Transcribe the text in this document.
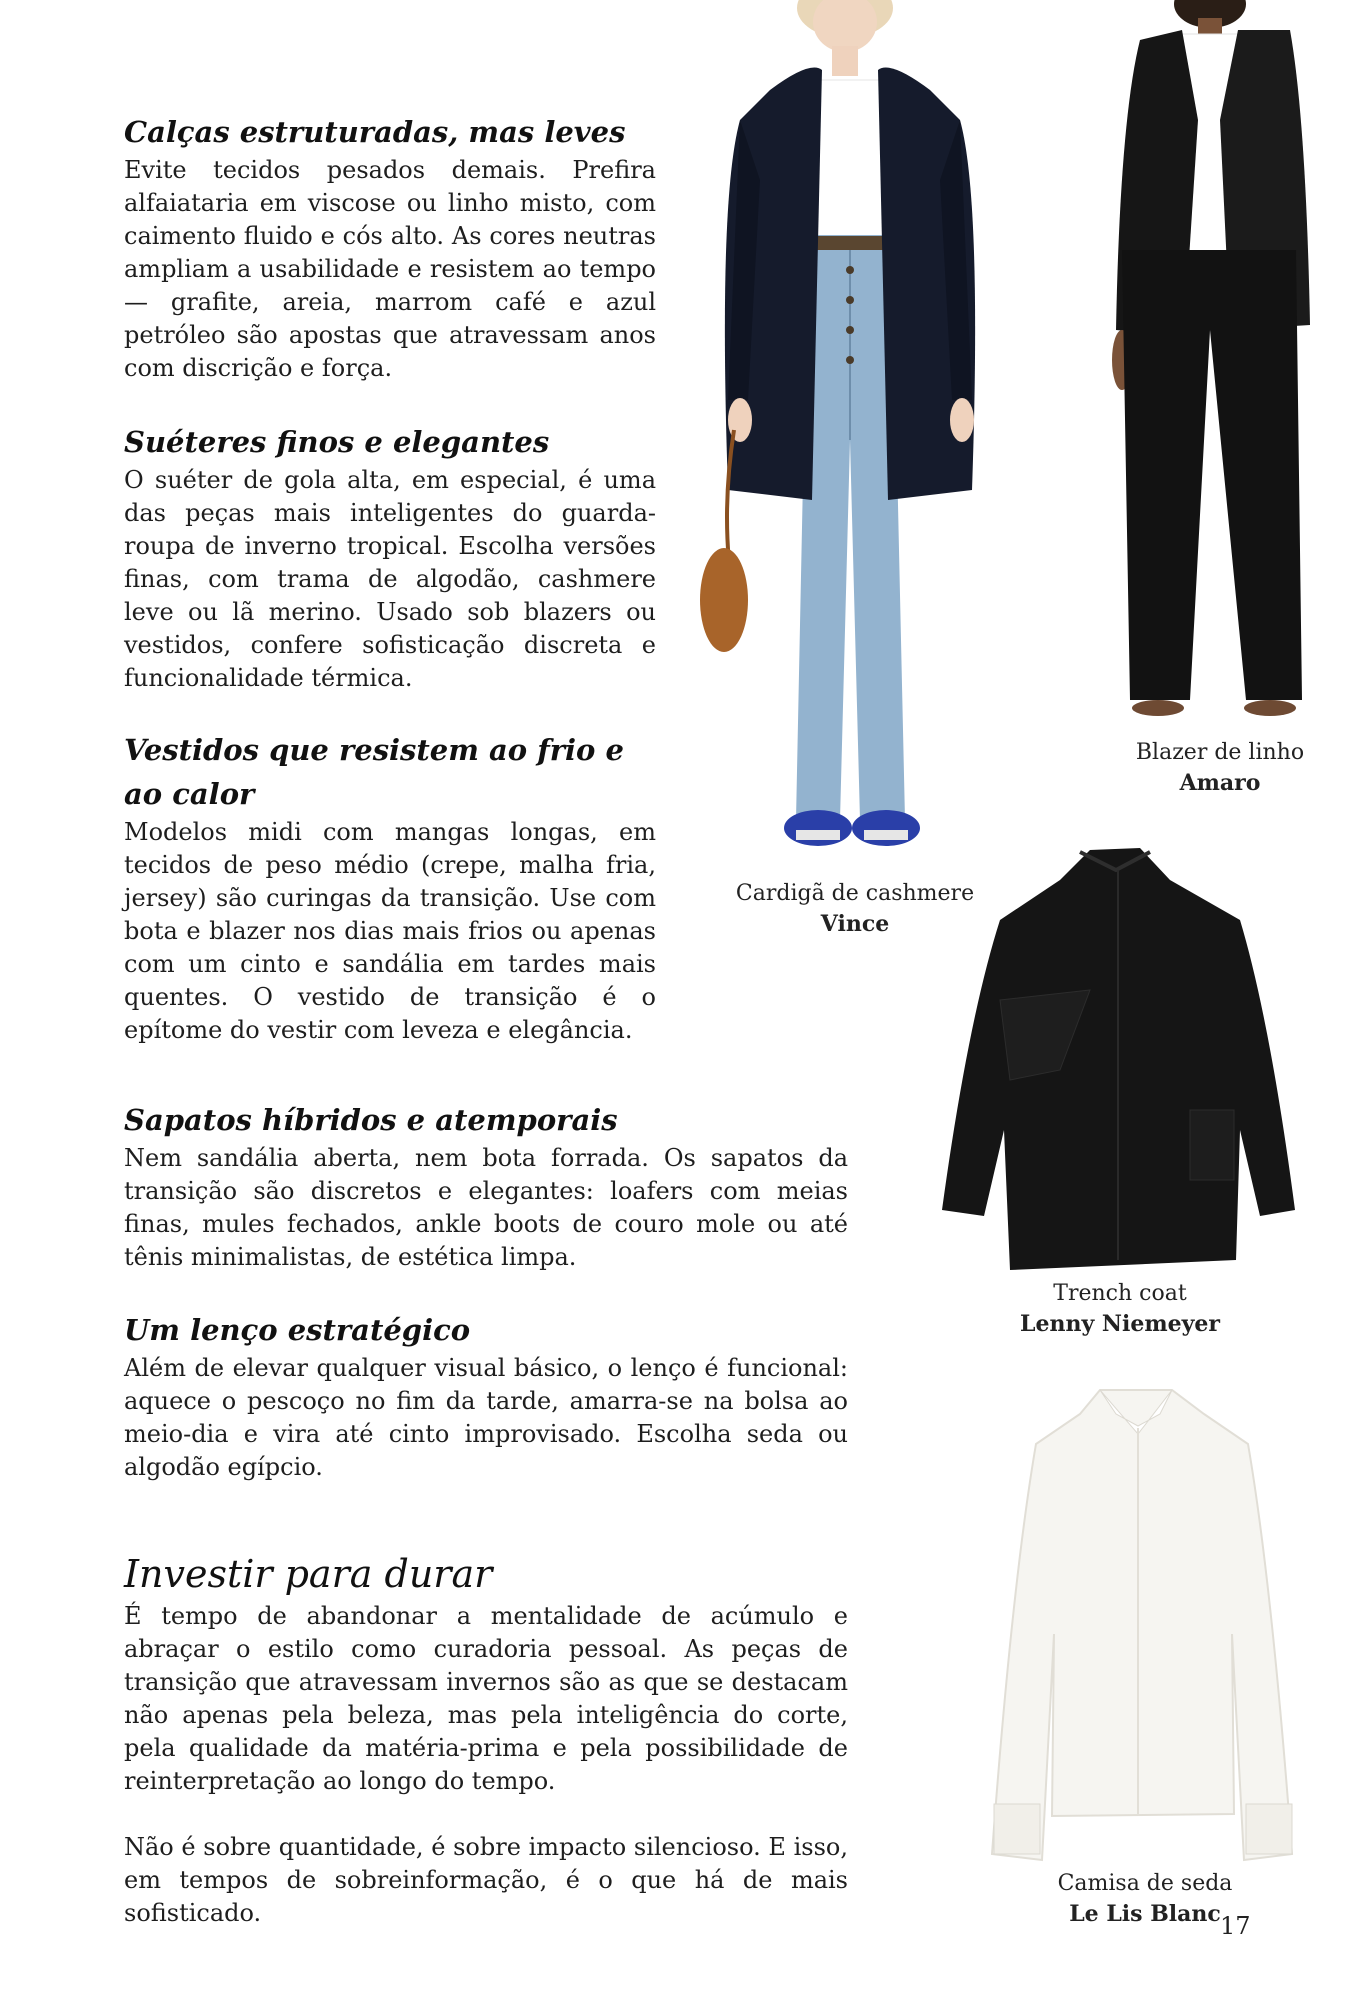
Calças estruturadas, mas leves

Evite tecidos pesados demais. Prefira alfaiataria em viscose ou linho misto, com caimento fluido e cós alto. As cores neutras ampliam a usabilidade e resistem ao tempo — grafite, areia, marrom café e azul petróleo são apostas que atravessam anos com discrição e força.

Suéteres finos e elegantes

O suéter de gola alta, em especial, é uma das peças mais inteligentes do guarda-roupa de inverno tropical. Escolha versões finas, com trama de algodão, cashmere leve ou lã merino. Usado sob blazers ou vestidos, confere sofisticação discreta e funcionalidade térmica.

Vestidos que resistem ao frio e ao calor

Modelos midi com mangas longas, em tecidos de peso médio (crepe, malha fria, jersey) são curingas da transição. Use com bota e blazer nos dias mais frios ou apenas com um cinto e sandália em tardes mais quentes. O vestido de transição é o epítome do vestir com leveza e elegância.

Sapatos híbridos e atemporais

Nem sandália aberta, nem bota forrada. Os sapatos da transição são discretos e elegantes: loafers com meias finas, mules fechados, ankle boots de couro mole ou até tênis minimalistas, de estética limpa.

Um lenço estratégico

Além de elevar qualquer visual básico, o lenço é funcional: aquece o pescoço no fim da tarde, amarra-se na bolsa ao meio-dia e vira até cinto improvisado. Escolha seda ou algodão egípcio.

Investir para durar

É tempo de abandonar a mentalidade de acúmulo e abraçar o estilo como curadoria pessoal. As peças de transição que atravessam invernos são as que se destacam não apenas pela beleza, mas pela inteligência do corte, pela qualidade da matéria-prima e pela possibilidade de reinterpretação ao longo do tempo.

Não é sobre quantidade, é sobre impacto silencioso. E isso, em tempos de sobreinformação, é o que há de mais sofisticado.

Cardigã de cashmere
Vince
Blazer de linho
Amaro
Trench coat
Lenny Niemeyer
Camisa de seda
Le Lis Blanc 17
